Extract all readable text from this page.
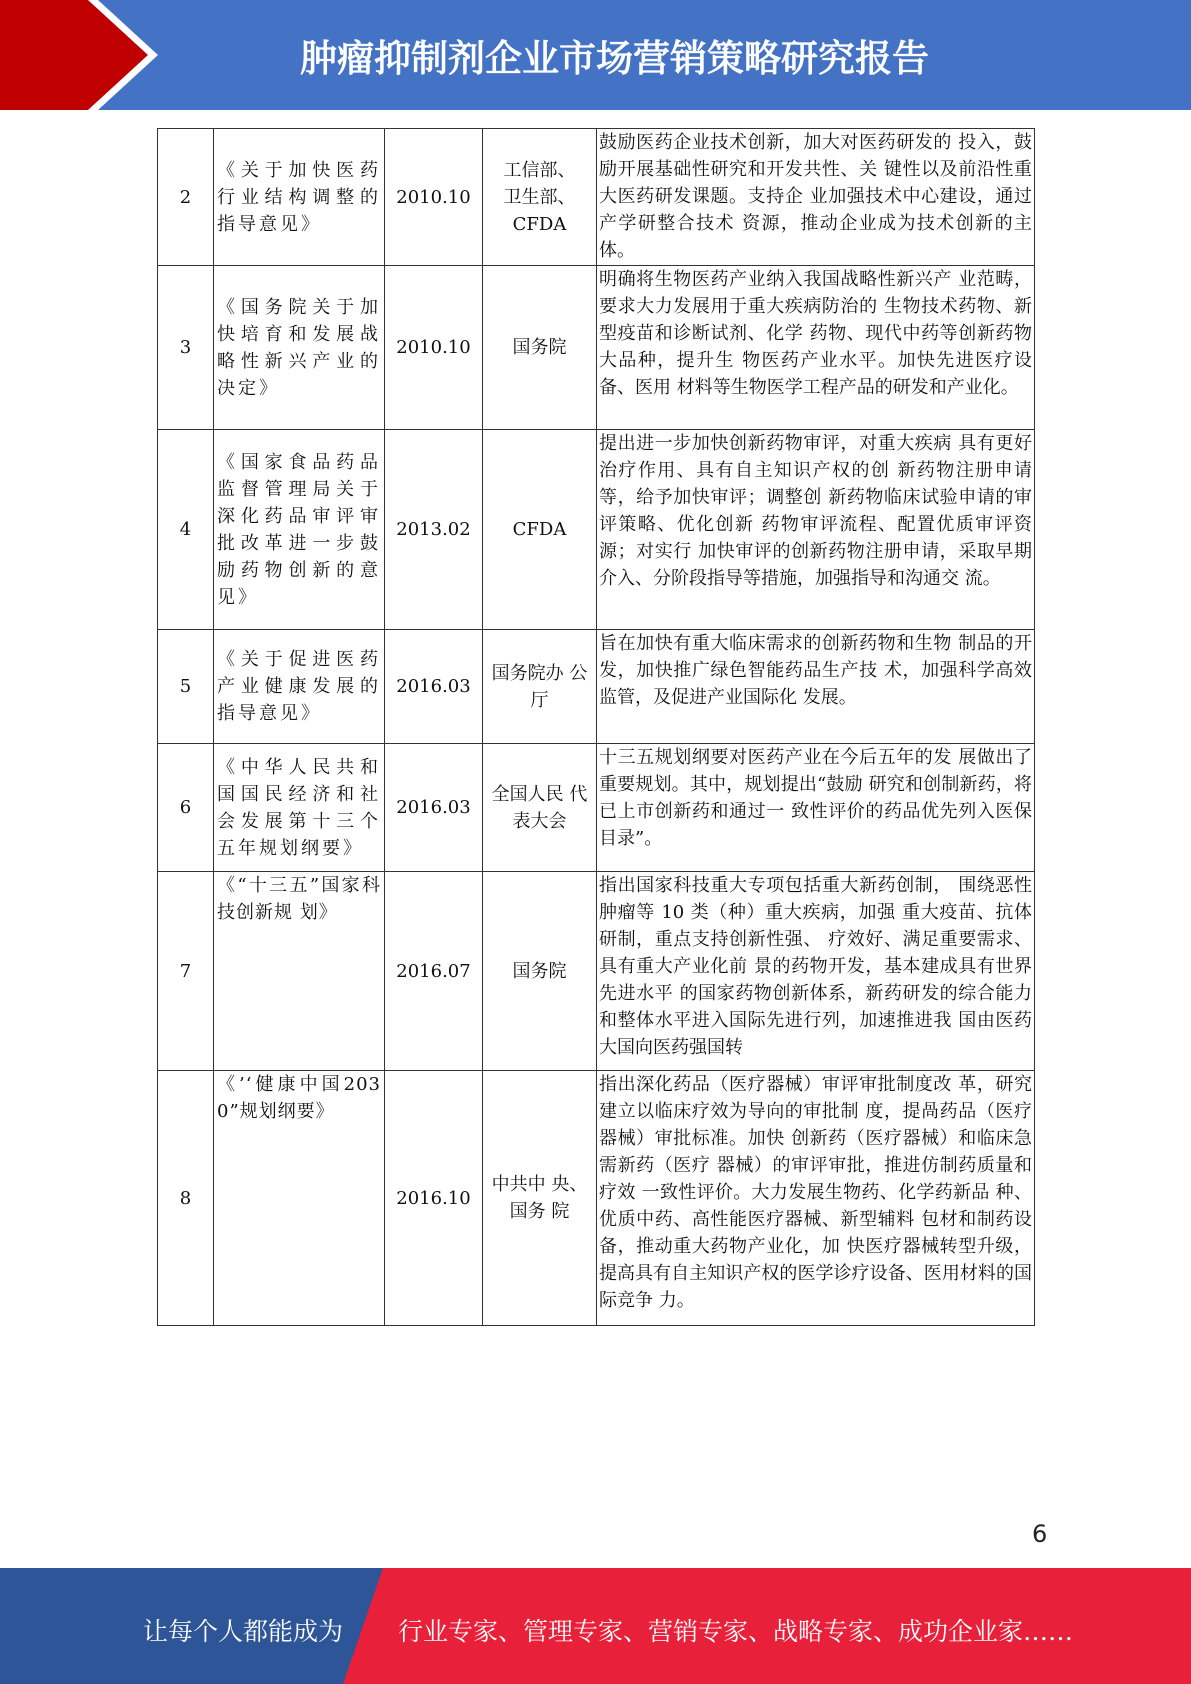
肿瘤抑制剂企业市场营销策略研究报告
2	《关于加快医药行业结构调整的指导意见》	2010.10	工信部、
卫生部、
CFDA	鼓励医药企业技术创新，加大对医药研发的 投入，鼓励开展基础性研究和开发共性、关 键性以及前沿性重大医药研发课题。支持企 业加强技术中心建设，通过产学研整合技术 资源，推动企业成为技术创新的主体。
3	《国务院关于加快培育和发展战略性新兴产业的决定》	2010.10	国务院	明确将生物医药产业纳入我国战略性新兴产 业范畴，要求大力发展用于重大疾病防治的 生物技术药物、新型疫苗和诊断试剂、化学 药物、现代中药等创新药物大品种，提升生 物医药产业水平。加快先进医疗设备、医用 材料等生物医学工程产品的研发和产业化。
4	《国家食品药品监督管理局关于深化药品审评审批改革进一步鼓励药物创新的意见》	2013.02	CFDA	提出进一步加快创新药物审评，对重大疾病 具有更好治疗作用、具有自主知识产权的创 新药物注册申请等，给予加快审评；调整创 新药物临床试验申请的审评策略、优化创新 药物审评流程、配置优质审评资源；对实行 加快审评的创新药物注册申请，采取早期介入、分阶段指导等措施，加强指导和沟通交 流。
5	《关于促进医药产业健康发展的指导意见》	2016.03	国务院办 公厅	旨在加快有重大临床需求的创新药物和生物 制品的开发，加快推广绿色智能药品生产技 术，加强科学高效监管，及促进产业国际化 发展。
6	《中华人民共和国国民经济和社会发展第十三个五年规划纲要》	2016.03	全国人民 代表大会	十三五规划纲要对医药产业在今后五年的发 展做出了重要规划。其中，规划提出“鼓励 研究和创制新药，将已上市创新药和通过一 致性评价的药品优先列入医保目录”。
7	《“十三五”国家科技创新规 划》	2016.07	国务院	指出国家科技重大专项包括重大新药创制， 围绕恶性肿瘤等 10 类（种）重大疾病，加强 重大疫苗、抗体研制，重点支持创新性强、 疗效好、满足重要需求、具有重大产业化前 景的药物开发，基本建成具有世界先进水平 的国家药物创新体系，新药研发的综合能力 和整体水平进入国际先进行列，加速推进我 国由医药大国向医药强国转
8	《’‘健康中国2030”规划纲要》	2016.10	中共中 央、
国务 院	指出深化药品（医疗器械）审评审批制度改 革，研究建立以临床疗效为导向的审批制 度，提咼药品（医疗器械）审批标准。加快 创新药（医疗器械）和临床急需新药（医疗 器械）的审评审批，推进仿制药质量和疗效 一致性评价。大力发展生物药、化学药新品 种、优质中药、高性能医疗器械、新型辅料 包材和制药设备，推动重大药物产业化，加 快医疗器械转型升级，提高具有自主知识产权的医学诊疗设备、医用材料的国际竞争 力。
6
让每个人都能成为 行业专家、管理专家、营销专家、战略专家、成功企业家……
